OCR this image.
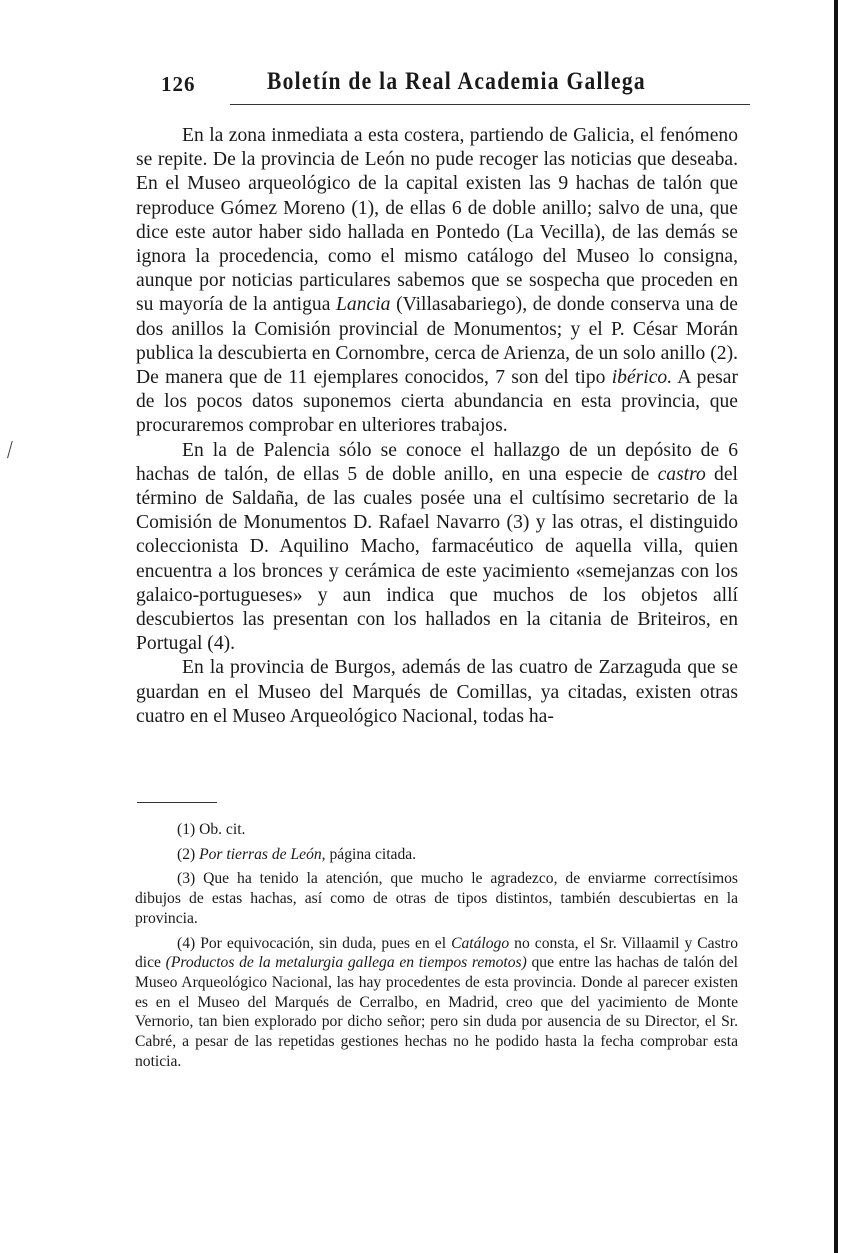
⟋
126	Boletín de la Real Academia Gallega

En la zona inmediata a esta costera, partiendo de Galicia, el fenómeno se repite. De la provincia de León no pude recoger las noticias que deseaba. En el Museo arqueológico de la capital existen las 9 hachas de talón que reproduce Gómez Moreno (1), de ellas 6 de doble anillo; salvo de una, que dice este autor haber sido hallada en Pontedo (La Vecilla), de las demás se ignora la procedencia, como el mismo catálogo del Museo lo consigna, aunque por noticias particulares sabemos que se sospecha que proceden en su mayoría de la antigua Lancia (Villasabariego), de donde conserva una de dos anillos la Comisión provincial de Monumentos; y el P. César Morán publica la descubierta en Cornombre, cerca de Arienza, de un solo anillo (2). De manera que de 11 ejemplares conocidos, 7 son del tipo ibérico. A pesar de los pocos datos suponemos cierta abundancia en esta provincia, que procuraremos comprobar en ulteriores trabajos.

En la de Palencia sólo se conoce el hallazgo de un depósito de 6 hachas de talón, de ellas 5 de doble anillo, en una especie de castro del término de Saldaña, de las cuales posée una el cultísimo secretario de la Comisión de Monumentos D. Rafael Navarro (3) y las otras, el distinguido coleccionista D. Aquilino Macho, farmacéutico de aquella villa, quien encuentra a los bronces y cerámica de este yacimiento «semejanzas con los galaico-portugueses» y aun indica que muchos de los objetos allí descubiertos las presentan con los hallados en la citania de Briteiros, en Portugal (4).

En la provincia de Burgos, además de las cuatro de Zarzaguda que se guardan en el Museo del Marqués de Comillas, ya citadas, existen otras cuatro en el Museo Arqueológico Nacional, todas ha-

(1) Ob. cit.

(2) Por tierras de León, página citada.

(3) Que ha tenido la atención, que mucho le agradezco, de enviarme correctísimos dibujos de estas hachas, así como de otras de tipos distintos, también descubiertas en la provincia.

(4) Por equivocación, sin duda, pues en el Catálogo no consta, el Sr. Villaamil y Castro dice (Productos de la metalurgia gallega en tiempos remotos) que entre las hachas de talón del Museo Arqueológico Nacional, las hay procedentes de esta provincia. Donde al parecer existen es en el Museo del Marqués de Cerralbo, en Madrid, creo que del yacimiento de Monte Vernorio, tan bien explorado por dicho señor; pero sin duda por ausencia de su Director, el Sr. Cabré, a pesar de las repetidas gestiones hechas no he podido hasta la fecha comprobar esta noticia.
